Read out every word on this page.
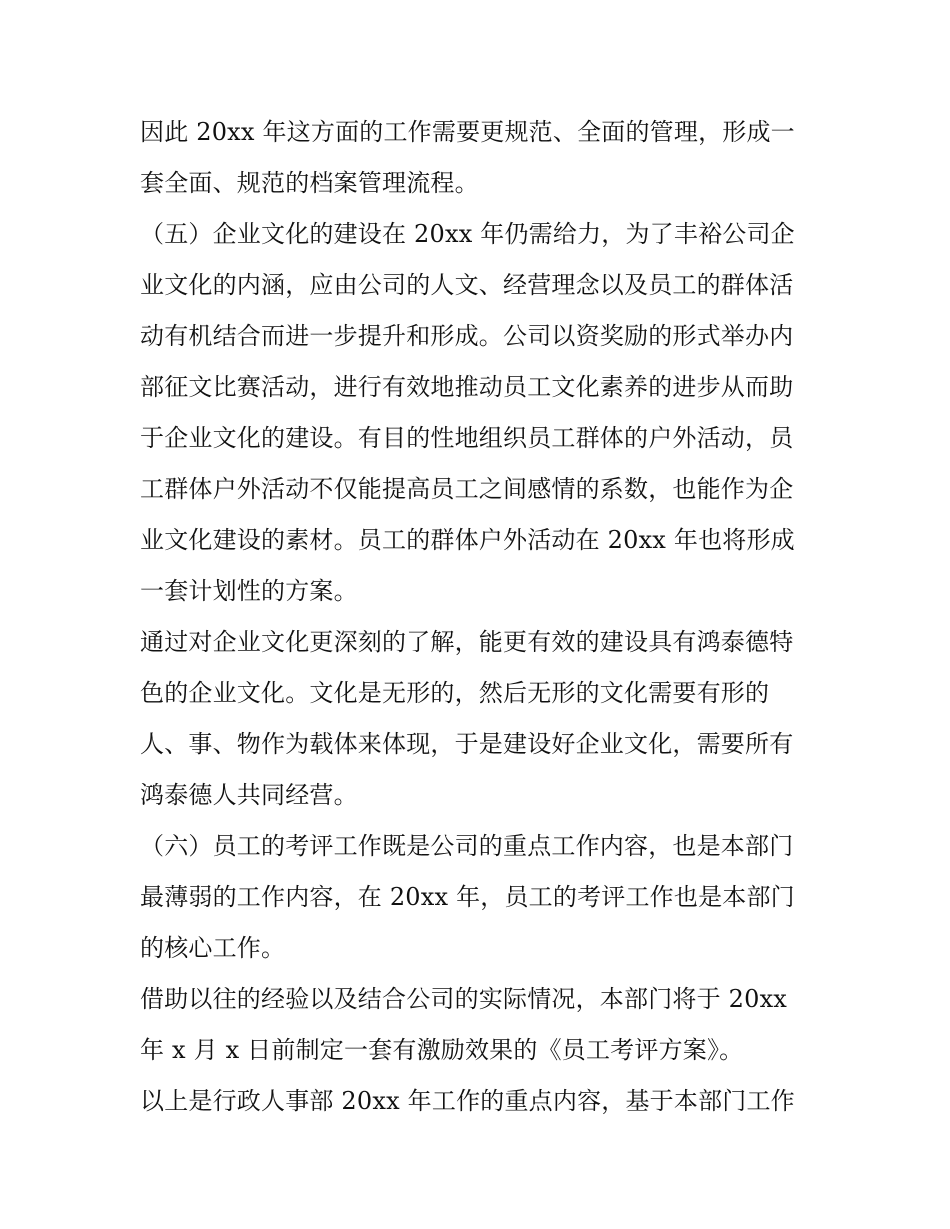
因此 20xx 年这方面的工作需要更规范、全面的管理，形成一
套全面、规范的档案管理流程。
（五）企业文化的建设在 20xx 年仍需给力，为了丰裕公司企
业文化的内涵，应由公司的人文、经营理念以及员工的群体活
动有机结合而进一步提升和形成。公司以资奖励的形式举办内
部征文比赛活动，进行有效地推动员工文化素养的进步从而助
于企业文化的建设。有目的性地组织员工群体的户外活动，员
工群体户外活动不仅能提高员工之间感情的系数，也能作为企
业文化建设的素材。员工的群体户外活动在 20xx 年也将形成
一套计划性的方案。
通过对企业文化更深刻的了解，能更有效的建设具有鸿泰德特
色的企业文化。文化是无形的，然后无形的文化需要有形的
人、事、物作为载体来体现，于是建设好企业文化，需要所有
鸿泰德人共同经营。
（六）员工的考评工作既是公司的重点工作内容，也是本部门
最薄弱的工作内容，在 20xx 年，员工的考评工作也是本部门
的核心工作。
借助以往的经验以及结合公司的实际情况，本部门将于 20xx
年 x 月 x 日前制定一套有激励效果的《员工考评方案》。
以上是行政人事部 20xx 年工作的重点内容，基于本部门工作
